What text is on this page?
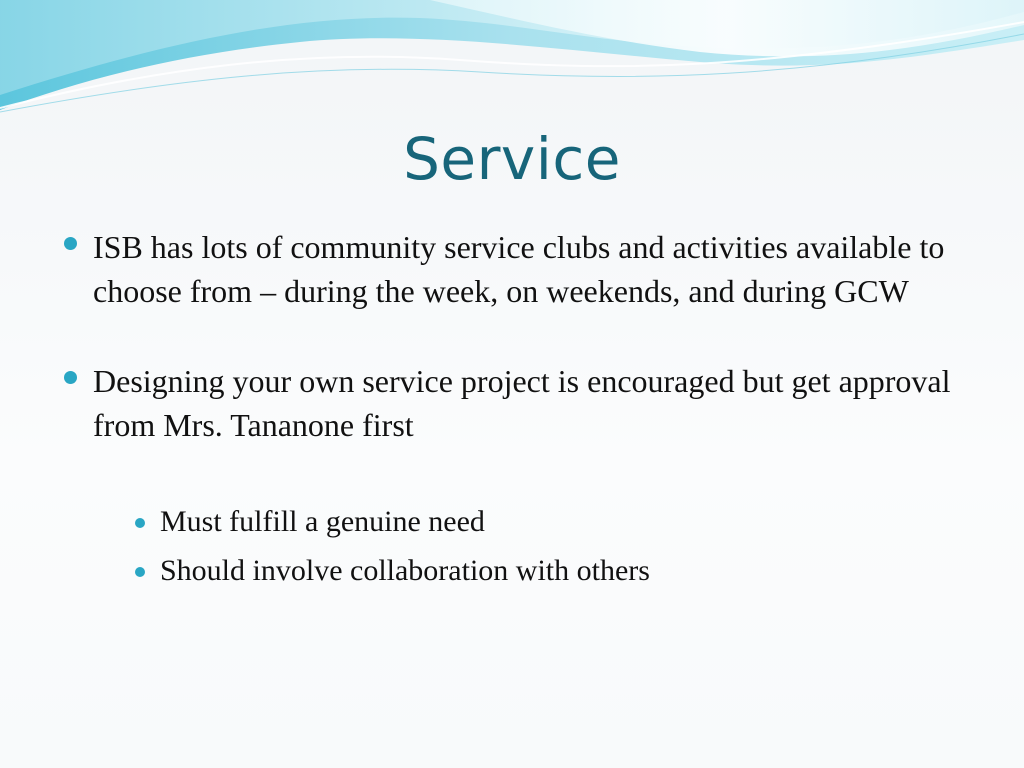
Service
ISB has lots of community service clubs and activities available to choose from – during the week, on weekends, and during GCW
Designing your own service project is encouraged but get approval from Mrs. Tananone first
Must fulfill a genuine need
Should involve collaboration with others
